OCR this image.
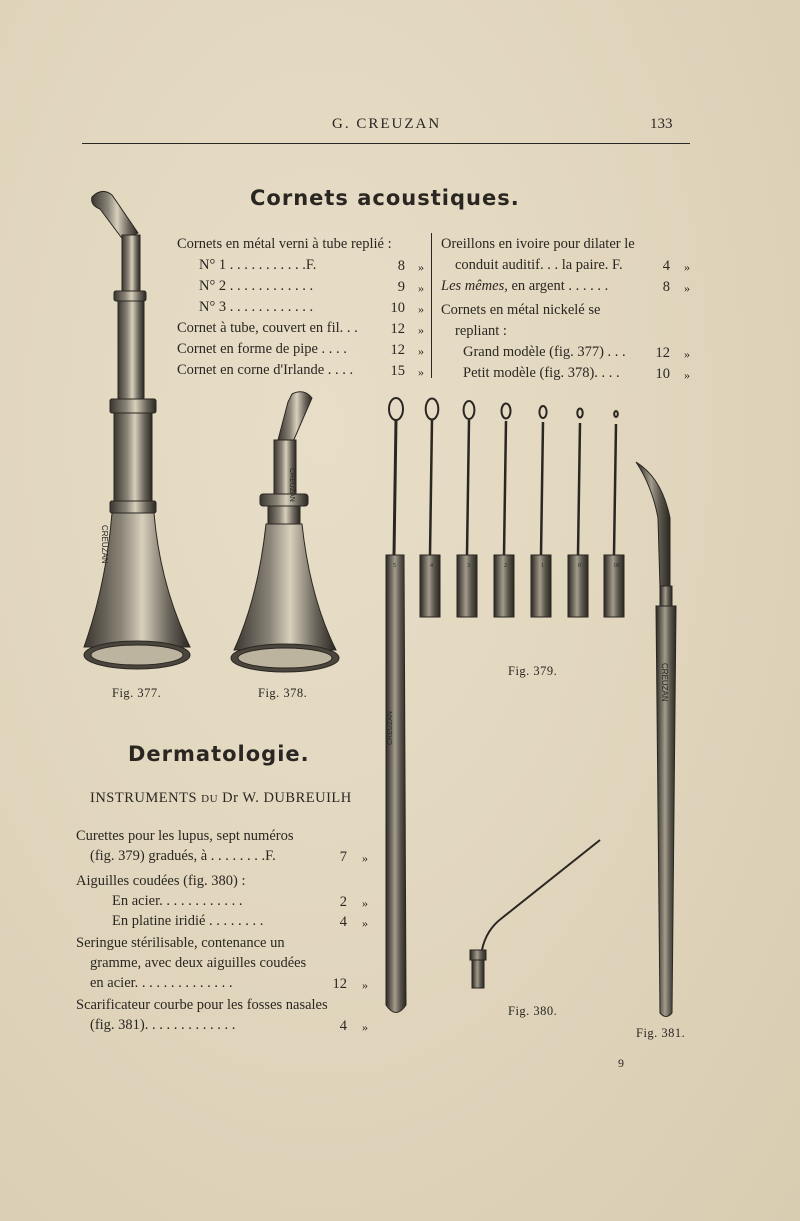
G. CREUZAN	133
Cornets acoustiques.
Cornets en métal verni à tube replié :
N° 1 . . . . . . . . . . .F.	8 »
N° 2 . . . . . . . . . . . .	9 »
N° 3 . . . . . . . . . . . .	10 »
Cornet à tube, couvert en fil. . .	12 »
Cornet en forme de pipe . . . .	12 »
Cornet en corne d'Irlande . . . .	15 »
Oreillons en ivoire pour dilater le
conduit auditif. . . la paire. F.	4 »
Les mêmes, en argent . . . . . .	8 »
Cornets en métal nickelé se
repliant :
Grand modèle (fig. 377) . . .	12 »
Petit modèle (fig. 378). . . .	10 »
CREUZAN
CREUZAN
CREUZAN
5	4	3	2	1	0	00
CREUZAN
Fig. 377.	Fig. 378.
Fig. 379.
Fig. 380.
Fig. 381.
Dermatologie.
INSTRUMENTS DU Dr W. DUBREUILH
Curettes pour les lupus, sept numéros
(fig. 379) gradués, à . . . . . . . .F.	7 »
Aiguilles coudées (fig. 380) :
En acier. . . . . . . . . . . .	2 »
En platine iridié . . . . . . . .	4 »
Seringue stérilisable, contenance un
gramme, avec deux aiguilles coudées
en acier. . . . . . . . . . . . . .	12 »
Scarificateur courbe pour les fosses nasales
(fig. 381). . . . . . . . . . . . .	4 »
9
